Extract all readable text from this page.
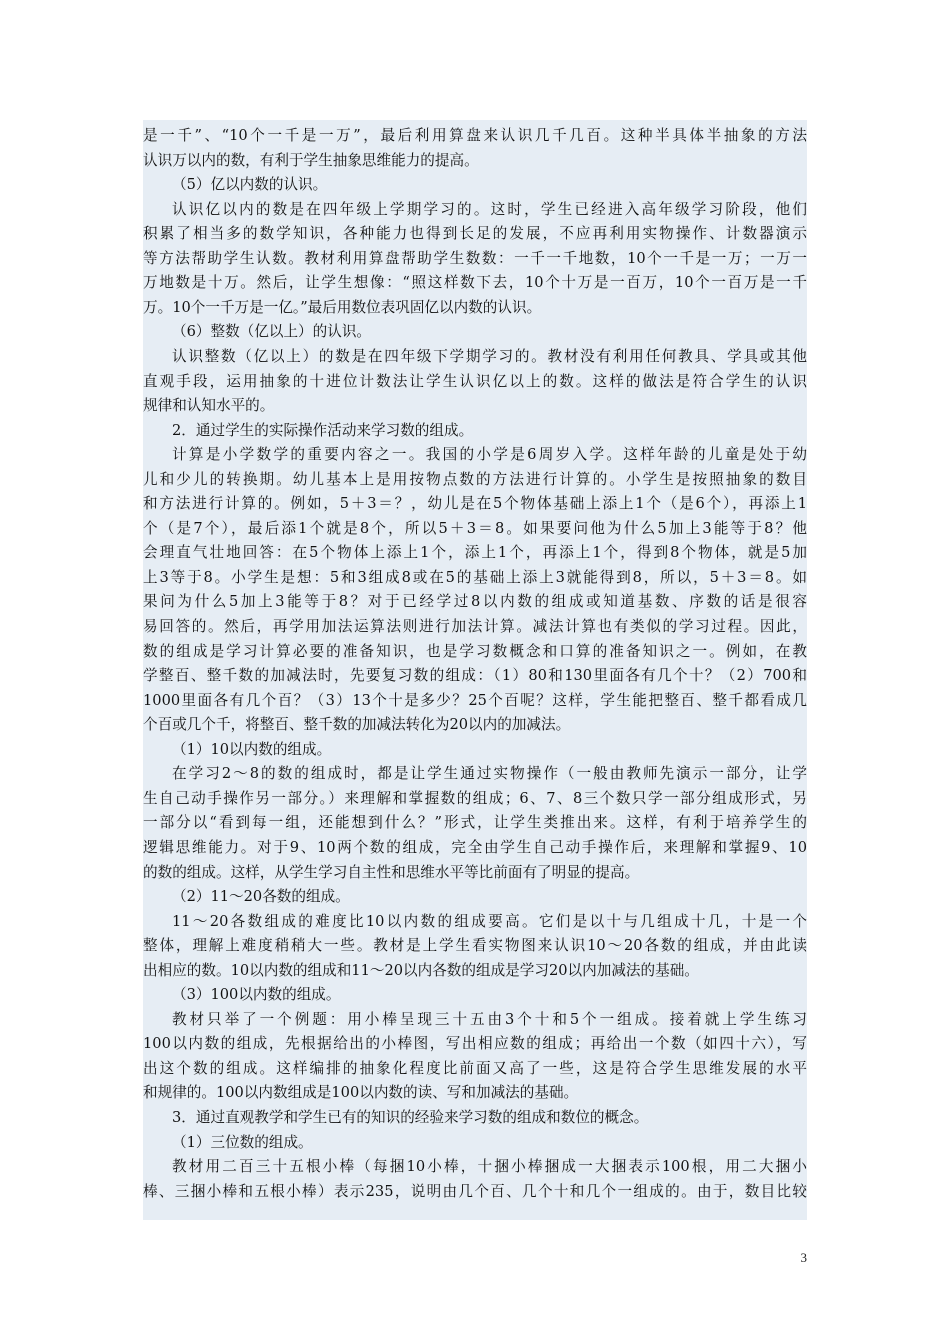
是一千”、“10个一千是一万”，最后利用算盘来认识几千几百。这种半具体半抽象的方法
认识万以内的数，有利于学生抽象思维能力的提高。
（5）亿以内数的认识。
认识亿以内的数是在四年级上学期学习的。这时，学生已经进入高年级学习阶段，他们
积累了相当多的数学知识，各种能力也得到长足的发展，不应再利用实物操作、计数器演示
等方法帮助学生认数。教材利用算盘帮助学生数数：一千一千地数，10个一千是一万；一万一
万地数是十万。然后，让学生想像：“照这样数下去，10个十万是一百万，10个一百万是一千
万。10个一千万是一亿。”最后用数位表巩固亿以内数的认识。
（6）整数（亿以上）的认识。
认识整数（亿以上）的数是在四年级下学期学习的。教材没有利用任何教具、学具或其他
直观手段，运用抽象的十进位计数法让学生认识亿以上的数。这样的做法是符合学生的认识
规律和认知水平的。
2．通过学生的实际操作活动来学习数的组成。
计算是小学数学的重要内容之一。我国的小学是6周岁入学。这样年龄的儿童是处于幼
儿和少儿的转换期。幼儿基本上是用按物点数的方法进行计算的。小学生是按照抽象的数目
和方法进行计算的。例如，5＋3＝？，幼儿是在5个物体基础上添上1个（是6个），再添上1
个（是7个），最后添1个就是8个，所以5＋3＝8。如果要问他为什么5加上3能等于8？他
会理直气壮地回答：在5个物体上添上1个，添上1个，再添上1个，得到8个物体，就是5加
上3等于8。小学生是想：5和3组成8或在5的基础上添上3就能得到8，所以，5＋3＝8。如
果问为什么5加上3能等于8？对于已经学过8以内数的组成或知道基数、序数的话是很容
易回答的。然后，再学用加法运算法则进行加法计算。减法计算也有类似的学习过程。因此，
数的组成是学习计算必要的准备知识，也是学习数概念和口算的准备知识之一。例如，在教
学整百、整千数的加减法时，先要复习数的组成：（1）80和130里面各有几个十？（2）700和
1000里面各有几个百？（3）13个十是多少？25个百呢？这样，学生能把整百、整千都看成几
个百或几个千，将整百、整千数的加减法转化为20以内的加减法。
（1）10以内数的组成。
在学习2～8的数的组成时，都是让学生通过实物操作（一般由教师先演示一部分，让学
生自己动手操作另一部分。）来理解和掌握数的组成；6、7、8三个数只学一部分组成形式，另
一部分以“看到每一组，还能想到什么？”形式，让学生类推出来。这样，有利于培养学生的
逻辑思维能力。对于9、10两个数的组成，完全由学生自己动手操作后，来理解和掌握9、10
的数的组成。这样，从学生学习自主性和思维水平等比前面有了明显的提高。
（2）11～20各数的组成。
11～20各数组成的难度比10以内数的组成要高。它们是以十与几组成十几，十是一个
整体，理解上难度稍稍大一些。教材是上学生看实物图来认识10～20各数的组成，并由此读
出相应的数。10以内数的组成和11～20以内各数的组成是学习20以内加减法的基础。
（3）100以内数的组成。
教材只举了一个例题：用小棒呈现三十五由3个十和5个一组成。接着就上学生练习
100以内数的组成，先根据给出的小棒图，写出相应数的组成；再给出一个数（如四十六），写
出这个数的组成。这样编排的抽象化程度比前面又高了一些，这是符合学生思维发展的水平
和规律的。100以内数组成是100以内数的读、写和加减法的基础。
3．通过直观教学和学生已有的知识的经验来学习数的组成和数位的概念。
（1）三位数的组成。
教材用二百三十五根小棒（每捆10小棒，十捆小棒捆成一大捆表示100根，用二大捆小
棒、三捆小棒和五根小棒）表示235，说明由几个百、几个十和几个一组成的。由于，数目比较
3
